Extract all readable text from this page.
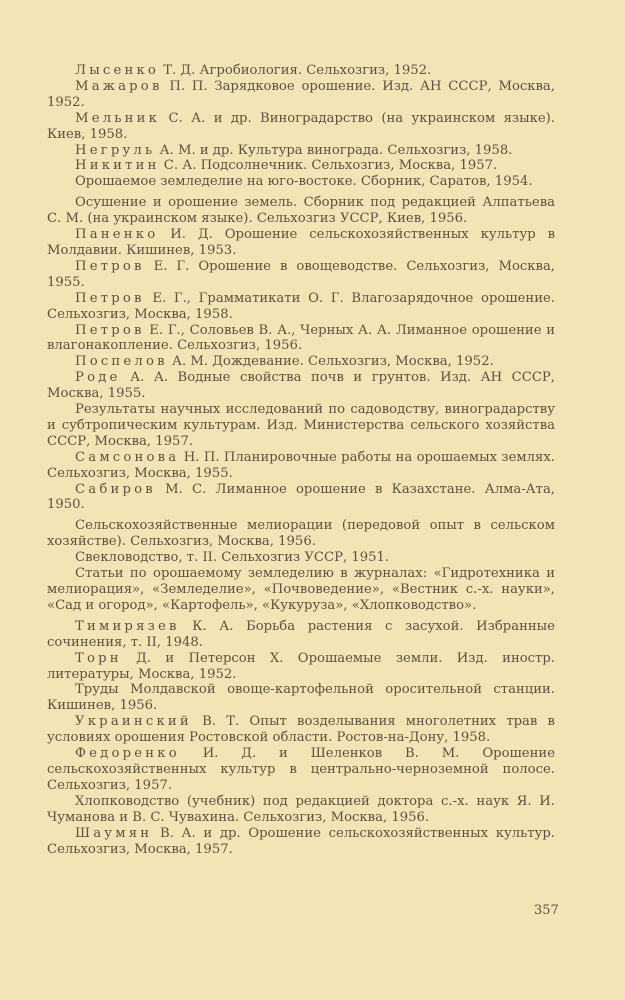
Лысенко Т. Д. Агробиология. Сельхозгиз, 1952.

Мажаров П. П. Зарядковое орошение. Изд. АН СССР, Москва, 1952.

Мельник С. А. и др. Виноградарство (на украинском языке). Киев, 1958.

Негруль А. М. и др. Культура винограда. Сельхозгиз, 1958.

Никитин С. А. Подсолнечник. Сельхозгиз, Москва, 1957.

Орошаемое земледелие на юго-востоке. Сборник, Саратов, 1954.

Осушение и орошение земель. Сборник под редакцией Алпатьева С. М. (на украинском языке). Сельхозгиз УССР, Киев, 1956.

Паненко И. Д. Орошение сельскохозяйственных культур в Молдавии. Кишинев, 1953.

Петров Е. Г. Орошение в овощеводстве. Сельхозгиз, Москва, 1955.

Петров Е. Г., Грамматикати О. Г. Влагозарядочное орошение. Сельхозгиз, Москва, 1958.

Петров Е. Г., Соловьев В. А., Черных А. А. Лиманное орошение и влагонакопление. Сельхозгиз, 1956.

Поспелов А. М. Дождевание. Сельхозгиз, Москва, 1952.

Роде А. А. Водные свойства почв и грунтов. Изд. АН СССР, Москва, 1955.

Результаты научных исследований по садоводству, виноградарству и субтропическим культурам. Изд. Министерства сельского хозяйства СССР, Москва, 1957.

Самсонова Н. П. Планировочные работы на орошаемых землях. Сельхозгиз, Москва, 1955.

Сабиров М. С. Лиманное орошение в Казахстане. Алма-Ата, 1950.

Сельскохозяйственные мелиорации (передовой опыт в сельском хозяйстве). Сельхозгиз, Москва, 1956.

Свекловодство, т. II. Сельхозгиз УССР, 1951.

Статьи по орошаемому земледелию в журналах: «Гидротехника и мелиорация», «Земледелие», «Почвоведение», «Вестник с.-х. науки», «Сад и огород», «Картофель», «Кукуруза», «Хлопководство».

Тимирязев К. А. Борьба растения с засухой. Избранные сочинения, т. II, 1948.

Торн Д. и Петерсон Х. Орошаемые земли. Изд. иностр. литературы, Москва, 1952.

Труды Молдавской овоще-картофельной оросительной станции. Кишинев, 1956.

Украинский В. Т. Опыт возделывания многолетних трав в условиях орошения Ростовской области. Ростов-на-Дону, 1958.

Федоренко И. Д. и Шеленков В. М. Орошение сельскохозяйственных культур в центрально-черноземной полосе. Сельхозгиз, 1957.

Хлопководство (учебник) под редакцией доктора с.-х. наук Я. И. Чуманова и В. С. Чувахина. Сельхозгиз, Москва, 1956.

Шаумян В. А. и др. Орошение сельскохозяйственных культур. Сельхозгиз, Москва, 1957.

357
